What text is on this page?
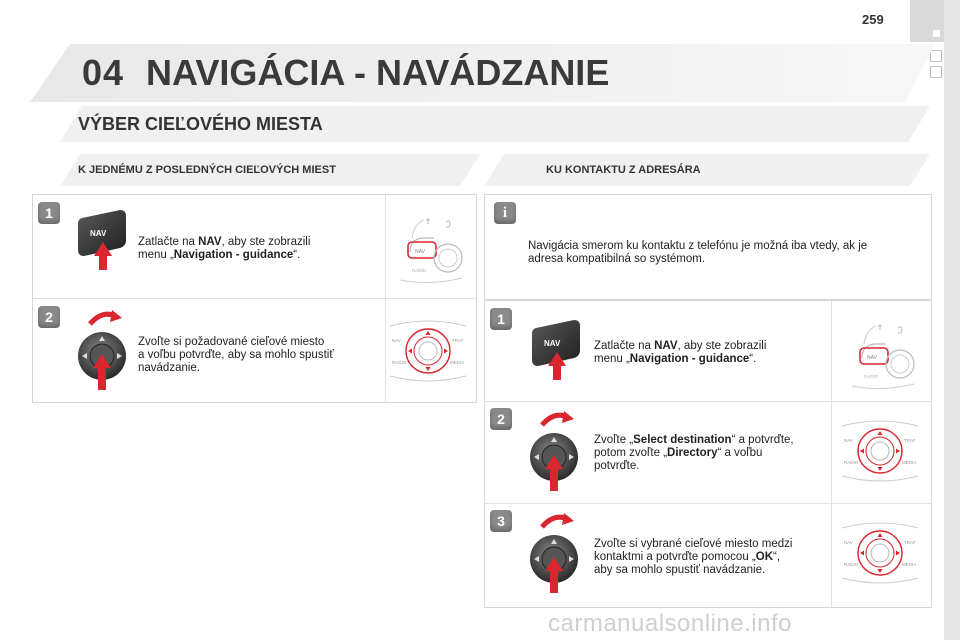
259
04 NAVIGÁCIA - NAVÁDZANIE
VÝBER CIEĽOVÉHO MIESTA
K JEDNÉMU Z POSLEDNÝCH CIEĽOVÝCH MIEST	KU KONTAKTU Z ADRESÁRA
1
NAV
Zatlačte na NAV, aby ste zobrazili
menu „Navigation - guidance“.	NAV
RADIO
2
Zvoľte si požadované cieľové miesto
a voľbu potvrďte, aby sa mohlo spustiť
navádzanie.
NAV	TRAF
RADIO	MEDIA
i
Navigácia smerom ku kontaktu z telefónu je možná iba vtedy, ak je
adresa kompatibilná so systémom.
1
NAV	Zatlačte na NAV, aby ste zobrazili
menu „Navigation - guidance“.	NAV
RADIO
2
Zvoľte „Select destination“ a potvrďte,
potom zvoľte „Directory“ a voľbu
potvrďte.
NAV	TRAF
RADIO	MEDIA
3
Zvoľte si vybrané cieľové miesto medzi
kontaktmi a potvrďte pomocou „OK“,
aby sa mohlo spustiť navádzanie.
NAV	TRAF
RADIO	MEDIA
carmanualsonline.info
